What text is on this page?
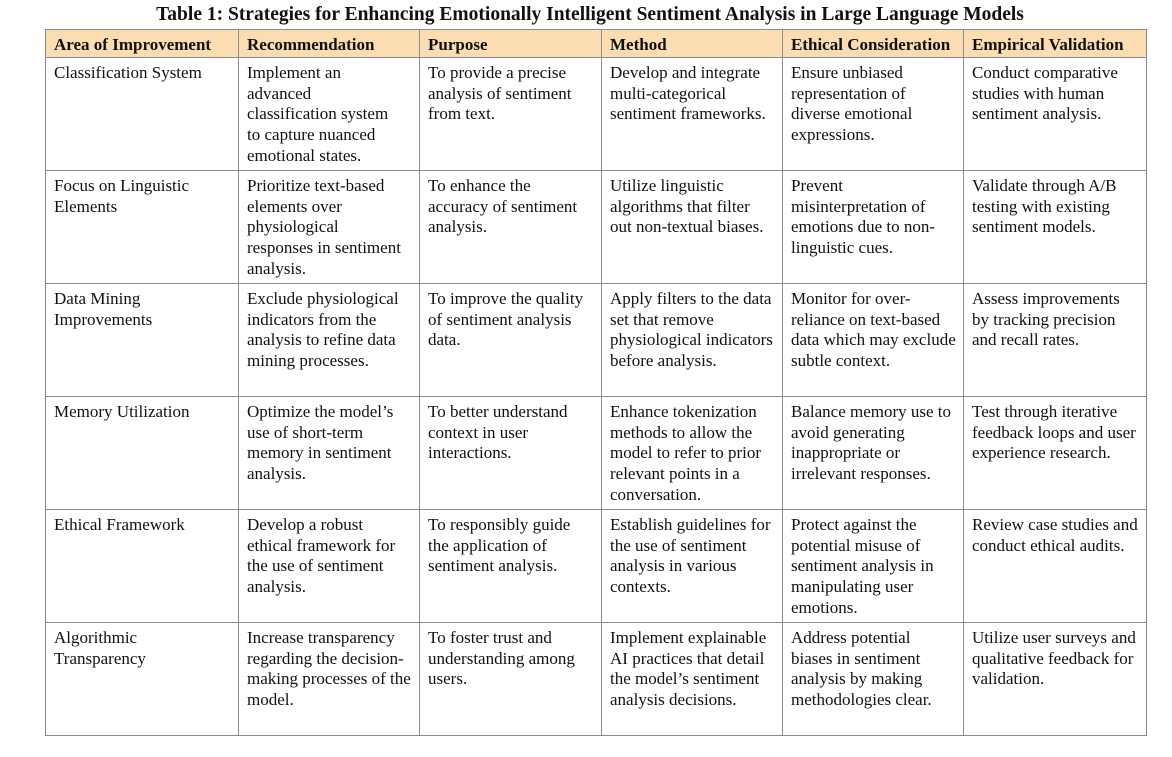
Table 1: Strategies for Enhancing Emotionally Intelligent Sentiment Analysis in Large Language Models
Area of Improvement	Recommendation	Purpose	Method	Ethical Consideration	Empirical Validation
Classification System	Implement an advanced classification system to capture nuanced emotional states.	To provide a precise analysis of sentiment from text.	Develop and integrate multi-categorical sentiment frameworks.	Ensure unbiased representation of diverse emotional expressions.	Conduct comparative studies with human sentiment analysis.
Focus on Linguistic Elements	Prioritize text-based elements over physiological responses in sentiment analysis.	To enhance the accuracy of sentiment analysis.	Utilize linguistic algorithms that filter out non-textual biases.	Prevent misinterpretation of emotions due to non-linguistic cues.	Validate through A/B testing with existing sentiment models.
Data Mining Improvements	Exclude physiological indicators from the analysis to refine data mining processes.	To improve the quality of sentiment analysis data.	Apply filters to the data set that remove physiological indicators before analysis.	Monitor for over-reliance on text-based data which may exclude subtle context.	Assess improvements by tracking precision and recall rates.
Memory Utilization	Optimize the model’s use of short-term memory in sentiment analysis.	To better understand context in user interactions.	Enhance tokenization methods to allow the model to refer to prior relevant points in a conversation.	Balance memory use to avoid generating inappropriate or irrelevant responses.	Test through iterative feedback loops and user experience research.
Ethical Framework	Develop a robust ethical framework for the use of sentiment analysis.	To responsibly guide the application of sentiment analysis.	Establish guidelines for the use of sentiment analysis in various contexts.	Protect against the potential misuse of sentiment analysis in manipulating user emotions.	Review case studies and conduct ethical audits.
Algorithmic Transparency	Increase transparency regarding the decision-making processes of the model.	To foster trust and understanding among users.	Implement explainable AI practices that detail the model’s sentiment analysis decisions.	Address potential biases in sentiment analysis by making methodologies clear.	Utilize user surveys and qualitative feedback for validation.
